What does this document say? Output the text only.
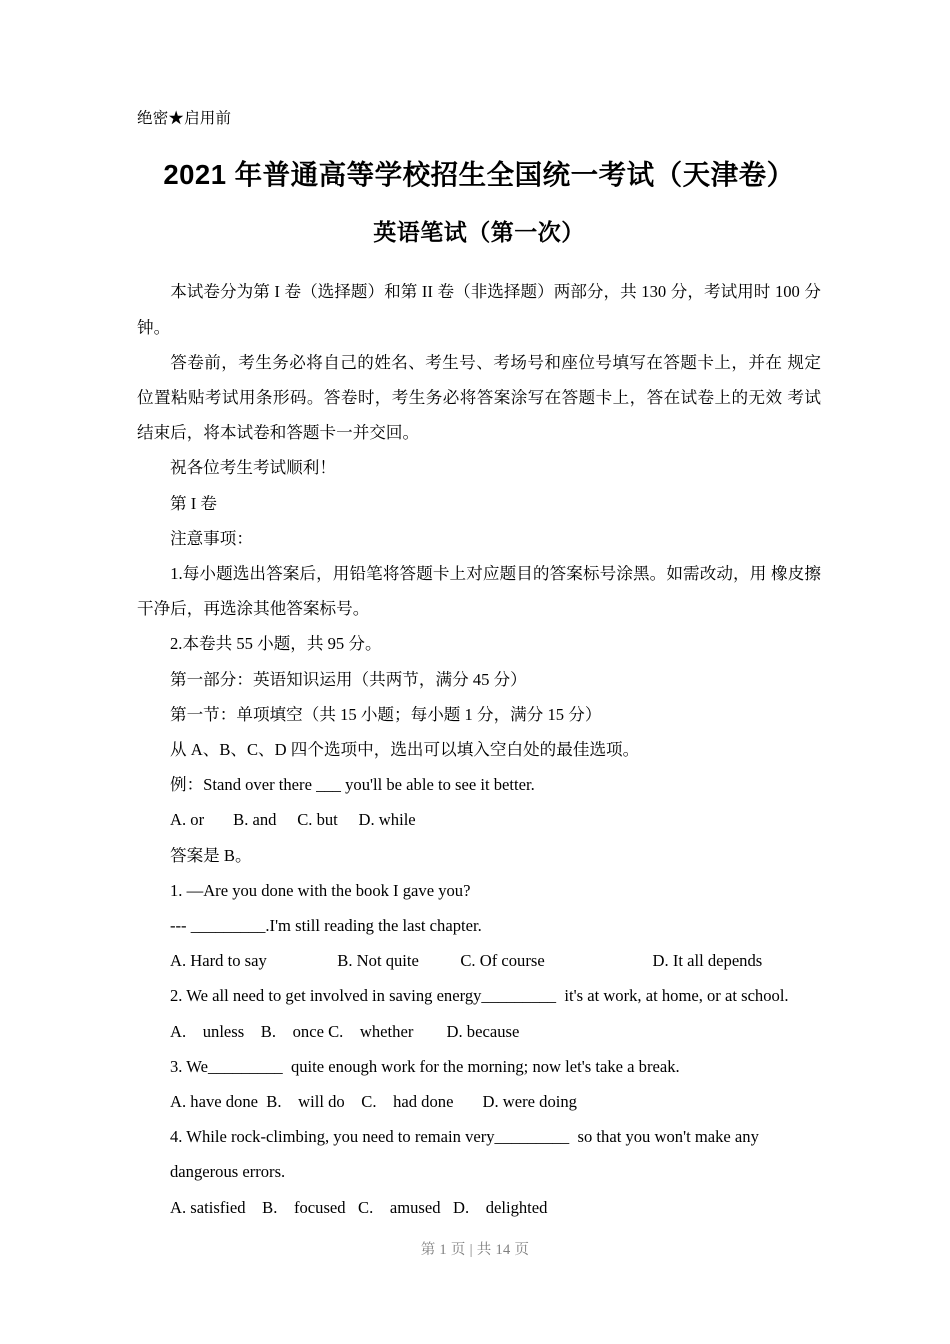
绝密★启用前

2021 年普通高等学校招生全国统一考试（天津卷）
英语笔试（第一次）

本试卷分为第 I 卷（选择题）和第 II 卷（非选择题）两部分，共 130 分，考试用时 100 分钟。

答卷前，考生务必将自己的姓名、考生号、考场号和座位号填写在答题卡上，并在 规定位置粘贴考试用条形码。答卷时，考生务必将答案涂写在答题卡上，答在试卷上的无效 考试结束后，将本试卷和答题卡一并交回。

祝各位考生考试顺利！

第 I 卷

注意事项：

1.每小题选出答案后，用铅笔将答题卡上对应题目的答案标号涂黑。如需改动，用 橡皮擦干净后，再选涂其他答案标号。

2.本卷共 55 小题，共 95 分。

第一部分：英语知识运用（共两节，满分 45 分）

第一节：单项填空（共 15 小题；每小题 1 分，满分 15 分）

从 A、B、C、D 四个选项中，选出可以填入空白处的最佳选项。

例：Stand over there ___ you'll be able to see it better.

A. or       B. and     C. but     D. while

答案是 B。

1. —Are you done with the book I gave you?

--- _________.I'm still reading the last chapter.

A. Hard to say                 B. Not quite          C. Of course                          D. It all depends

2. We all need to get involved in saving energy_________  it's at work, at home, or at school.

A.    unless    B.    once C.    whether        D. because

3. We_________  quite enough work for the morning; now let's take a break.

A. have done  B.    will do    C.    had done       D. were doing

4. While rock-climbing, you need to remain very_________  so that you won't make any

dangerous errors.

A. satisfied    B.    focused   C.    amused   D.    delighted

第 1 页 | 共 14 页
